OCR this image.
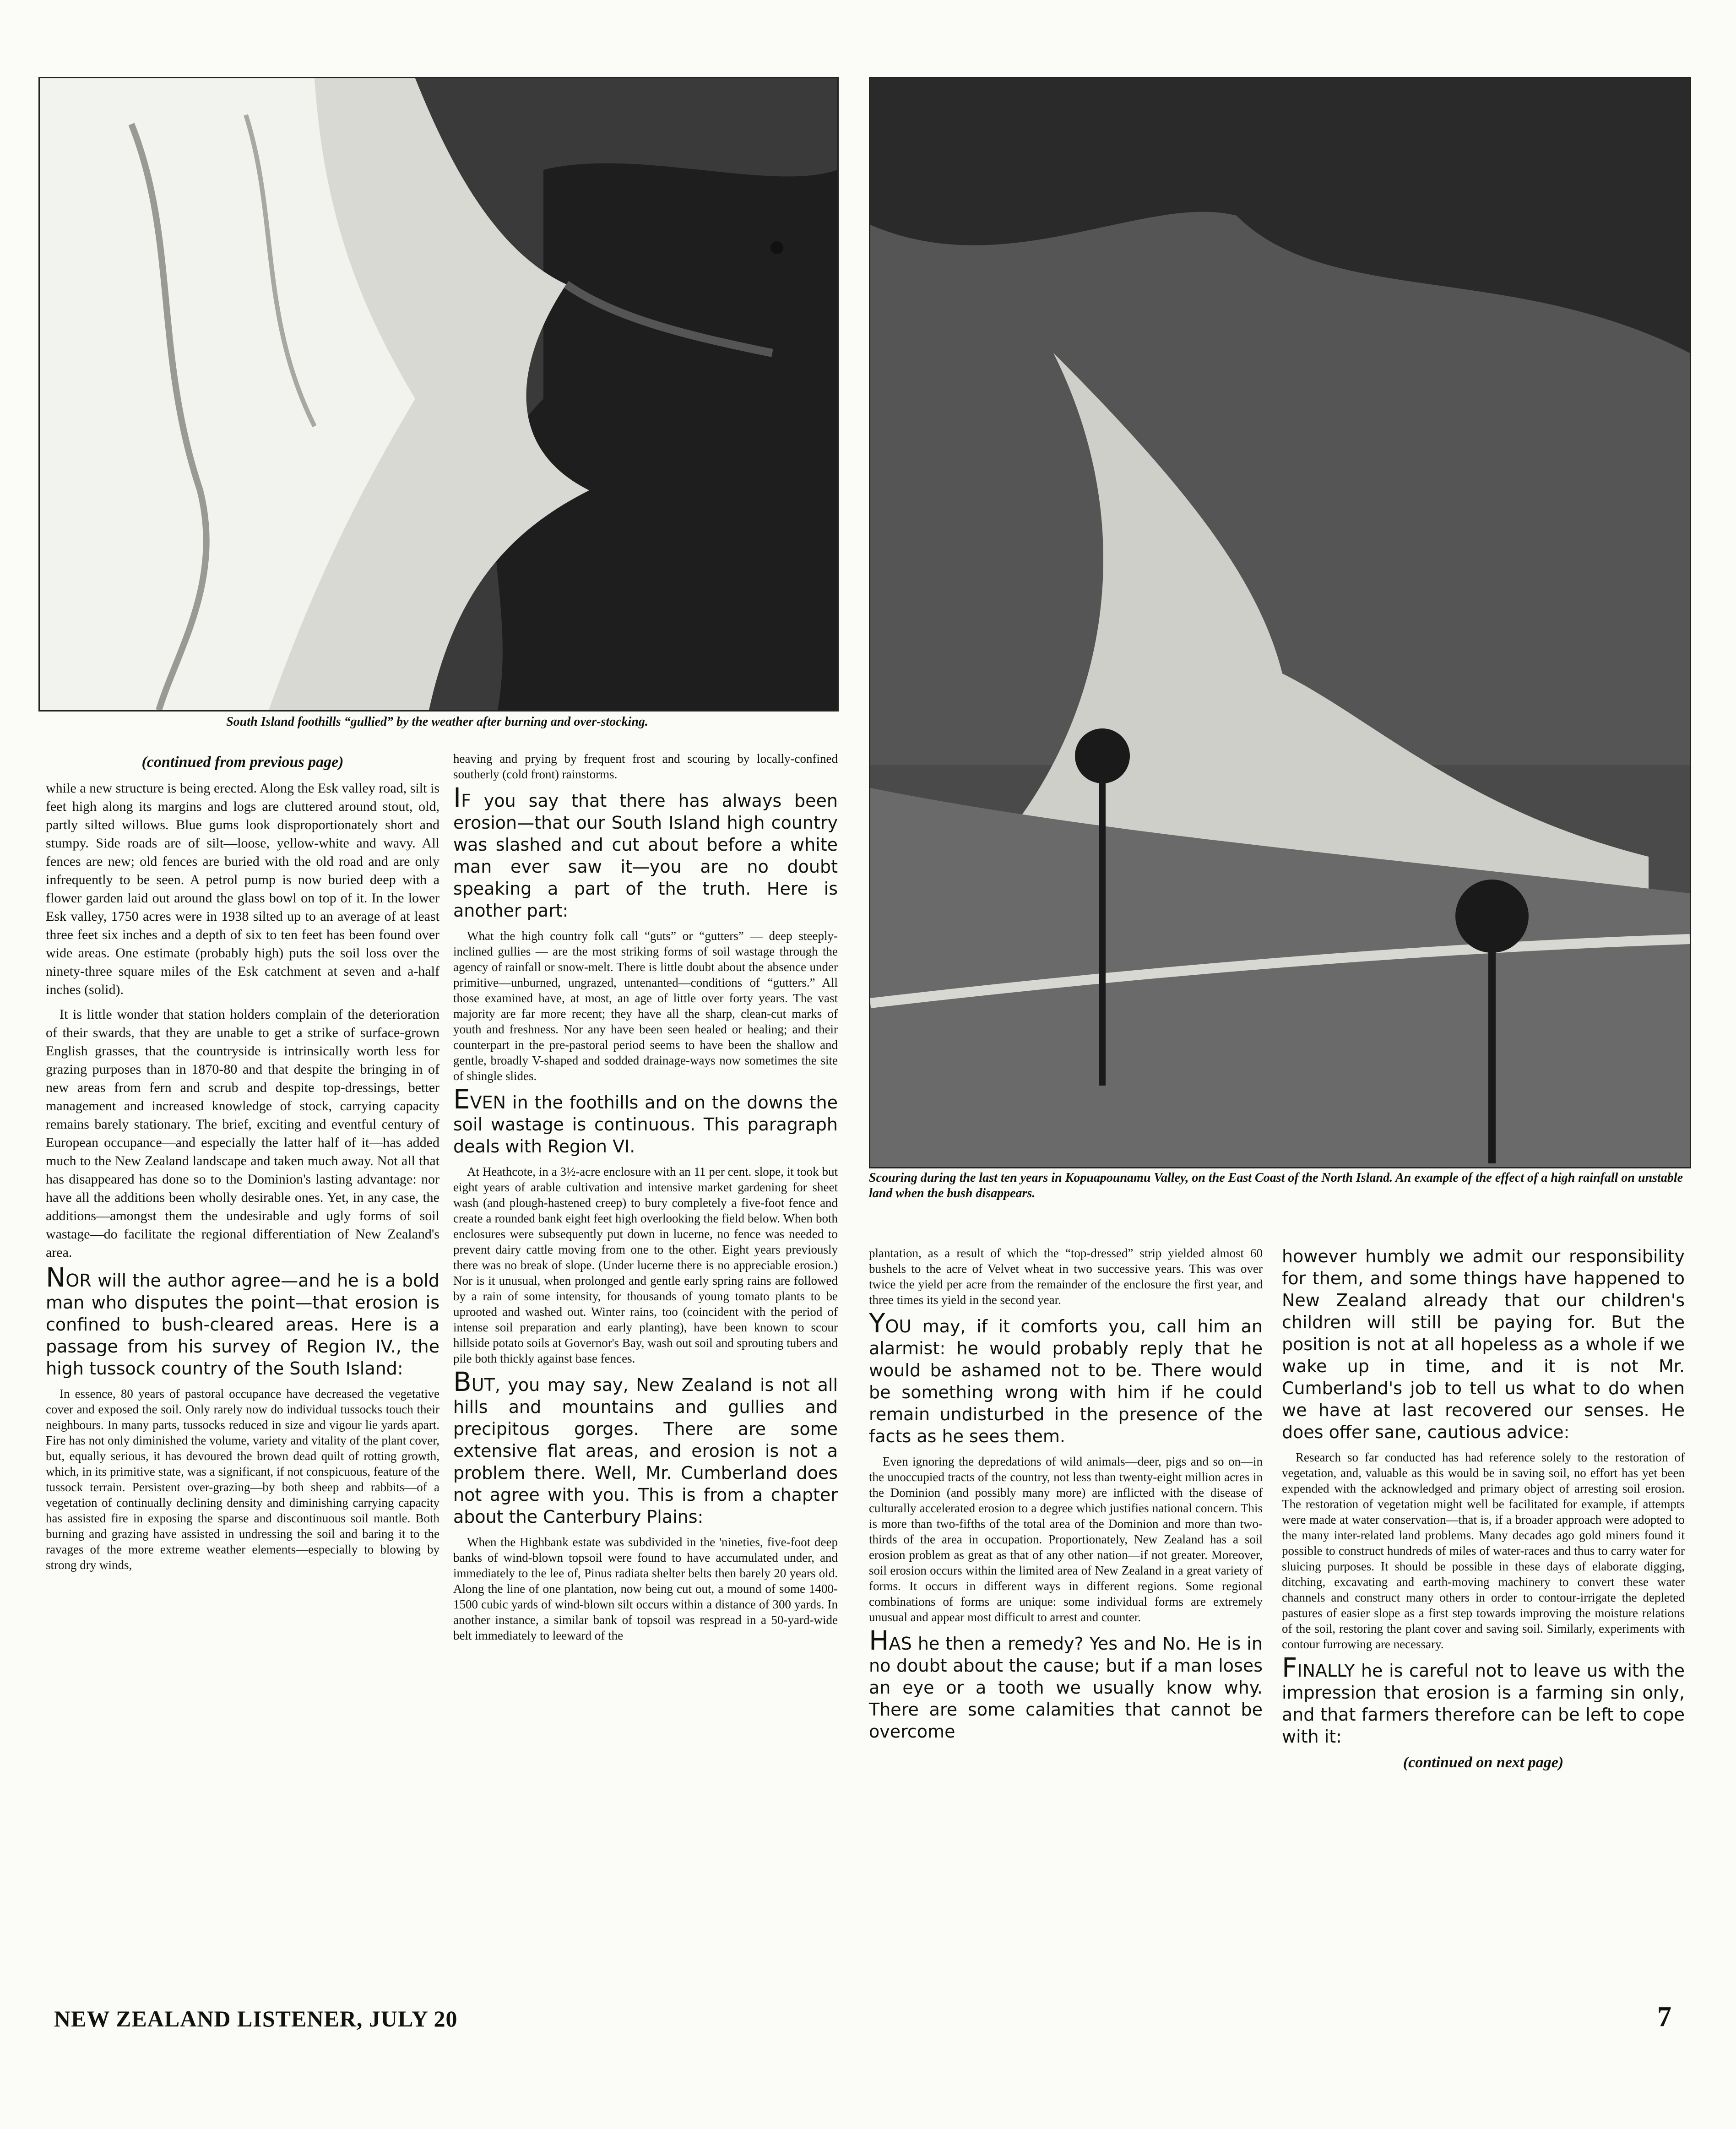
South Island foothills “gullied” by the weather after burning and over-stocking.
Scouring during the last ten years in Kopuapounamu Valley, on the East Coast of the North Island. An example of the effect of a high rainfall on unstable land when the bush disappears.
(continued from previous page)

while a new structure is being erected. Along the Esk valley road, silt is feet high along its margins and logs are cluttered around stout, old, partly silted willows. Blue gums look disproportionately short and stumpy. Side roads are of silt—loose, yellow-white and wavy. All fences are new; old fences are buried with the old road and are only infrequently to be seen. A petrol pump is now buried deep with a flower garden laid out around the glass bowl on top of it. In the lower Esk valley, 1750 acres were in 1938 silted up to an average of at least three feet six inches and a depth of six to ten feet has been found over wide areas. One estimate (probably high) puts the soil loss over the ninety-three square miles of the Esk catchment at seven and a-half inches (solid).

It is little wonder that station holders complain of the deterioration of their swards, that they are unable to get a strike of surface-grown English grasses, that the countryside is intrinsically worth less for grazing purposes than in 1870-80 and that despite the bringing in of new areas from fern and scrub and despite top-dressings, better management and increased knowledge of stock, carrying capacity remains barely stationary. The brief, exciting and eventful century of European occupance—and especially the latter half of it—has added much to the New Zealand landscape and taken much away. Not all that has disappeared has done so to the Dominion's lasting advantage: nor have all the additions been wholly desirable ones. Yet, in any case, the additions—amongst them the undesirable and ugly forms of soil wastage—do facilitate the regional differentiation of New Zealand's area.

NOR will the author agree—and he is a bold man who disputes the point—that erosion is confined to bush-cleared areas. Here is a passage from his survey of Region IV., the high tussock country of the South Island:

In essence, 80 years of pastoral occupance have decreased the vegetative cover and exposed the soil. Only rarely now do individual tussocks touch their neighbours. In many parts, tussocks reduced in size and vigour lie yards apart. Fire has not only diminished the volume, variety and vitality of the plant cover, but, equally serious, it has devoured the brown dead quilt of rotting growth, which, in its primitive state, was a significant, if not conspicuous, feature of the tussock terrain. Persistent over-grazing—by both sheep and rabbits—of a vegetation of continually declining density and diminishing carrying capacity has assisted fire in exposing the sparse and discontinuous soil mantle. Both burning and grazing have assisted in undressing the soil and baring it to the ravages of the more extreme weather elements—especially to blowing by strong dry winds,

heaving and prying by frequent frost and scouring by locally-confined southerly (cold front) rainstorms.

IF you say that there has always been erosion—that our South Island high country was slashed and cut about before a white man ever saw it—you are no doubt speaking a part of the truth. Here is another part:

What the high country folk call “guts” or “gutters” — deep steeply-inclined gullies — are the most striking forms of soil wastage through the agency of rainfall or snow-melt. There is little doubt about the absence under primitive—unburned, ungrazed, untenanted—conditions of “gutters.” All those examined have, at most, an age of little over forty years. The vast majority are far more recent; they have all the sharp, clean-cut marks of youth and freshness. Nor any have been seen healed or healing; and their counterpart in the pre-pastoral period seems to have been the shallow and gentle, broadly V-shaped and sodded drainage-ways now sometimes the site of shingle slides.

EVEN in the foothills and on the downs the soil wastage is continuous. This paragraph deals with Region VI.

At Heathcote, in a 3½-acre enclosure with an 11 per cent. slope, it took but eight years of arable cultivation and intensive market gardening for sheet wash (and plough-hastened creep) to bury completely a five-foot fence and create a rounded bank eight feet high overlooking the field below. When both enclosures were subsequently put down in lucerne, no fence was needed to prevent dairy cattle moving from one to the other. Eight years previously there was no break of slope. (Under lucerne there is no appreciable erosion.) Nor is it unusual, when prolonged and gentle early spring rains are followed by a rain of some intensity, for thousands of young tomato plants to be uprooted and washed out. Winter rains, too (coincident with the period of intense soil preparation and early planting), have been known to scour hillside potato soils at Governor's Bay, wash out soil and sprouting tubers and pile both thickly against base fences.

BUT, you may say, New Zealand is not all hills and mountains and gullies and precipitous gorges. There are some extensive flat areas, and erosion is not a problem there. Well, Mr. Cumberland does not agree with you. This is from a chapter about the Canterbury Plains:

When the Highbank estate was subdivided in the 'nineties, five-foot deep banks of wind-blown topsoil were found to have accumulated under, and immediately to the lee of, Pinus radiata shelter belts then barely 20 years old. Along the line of one plantation, now being cut out, a mound of some 1400-1500 cubic yards of wind-blown silt occurs within a distance of 300 yards. In another instance, a similar bank of topsoil was respread in a 50-yard-wide belt immediately to leeward of the

plantation, as a result of which the “top-dressed” strip yielded almost 60 bushels to the acre of Velvet wheat in two successive years. This was over twice the yield per acre from the remainder of the enclosure the first year, and three times its yield in the second year.

YOU may, if it comforts you, call him an alarmist: he would probably reply that he would be ashamed not to be. There would be something wrong with him if he could remain undisturbed in the presence of the facts as he sees them.

Even ignoring the depredations of wild animals—deer, pigs and so on—in the unoccupied tracts of the country, not less than twenty-eight million acres in the Dominion (and possibly many more) are inflicted with the disease of culturally accelerated erosion to a degree which justifies national concern. This is more than two-fifths of the total area of the Dominion and more than two-thirds of the area in occupation. Proportionately, New Zealand has a soil erosion problem as great as that of any other nation—if not greater. Moreover, soil erosion occurs within the limited area of New Zealand in a great variety of forms. It occurs in different ways in different regions. Some regional combinations of forms are unique: some individual forms are extremely unusual and appear most difficult to arrest and counter.

HAS he then a remedy? Yes and No. He is in no doubt about the cause; but if a man loses an eye or a tooth we usually know why. There are some calamities that cannot be overcome

however humbly we admit our responsibility for them, and some things have happened to New Zealand already that our children's children will still be paying for. But the position is not at all hopeless as a whole if we wake up in time, and it is not Mr. Cumberland's job to tell us what to do when we have at last recovered our senses. He does offer sane, cautious advice:

Research so far conducted has had reference solely to the restoration of vegetation, and, valuable as this would be in saving soil, no effort has yet been expended with the acknowledged and primary object of arresting soil erosion. The restoration of vegetation might well be facilitated for example, if attempts were made at water conservation—that is, if a broader approach were adopted to the many inter-related land problems. Many decades ago gold miners found it possible to construct hundreds of miles of water-races and thus to carry water for sluicing purposes. It should be possible in these days of elaborate digging, ditching, excavating and earth-moving machinery to convert these water channels and construct many others in order to contour-irrigate the depleted pastures of easier slope as a first step towards improving the moisture relations of the soil, restoring the plant cover and saving soil. Similarly, experiments with contour furrowing are necessary.

FINALLY he is careful not to leave us with the impression that erosion is a farming sin only, and that farmers therefore can be left to cope with it:

(continued on next page)
NEW ZEALAND LISTENER, JULY 20	7
